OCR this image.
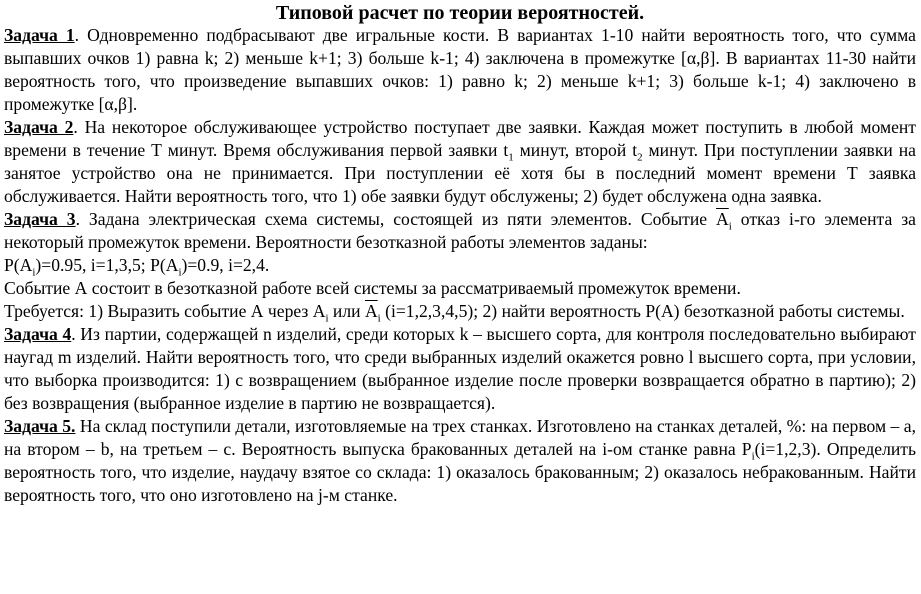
Типовой расчет по теории вероятностей.

Задача 1. Одновременно подбрасывают две игральные кости. В вариантах 1-10 найти вероятность того, что сумма выпавших очков 1) равна k; 2) меньше k+1; 3) больше k-1; 4) заключена в промежутке [α,β]. В вариантах 11-30 найти вероятность того, что произведение выпавших очков: 1) равно k; 2) меньше k+1; 3) больше k-1; 4) заключено в промежутке [α,β].

Задача 2. На некоторое обслуживающее устройство поступает две заявки. Каждая может поступить в любой момент времени в течение Т минут. Время обслуживания первой заявки $t_1$ минут, второй $t_2$ минут. При поступлении заявки на занятое устройство она не принимается. При поступлении её хотя бы в последний момент времени Т заявка обслуживается. Найти вероятность того, что 1) обе заявки будут обслужены; 2) будет обслужена одна заявка.

Задача 3. Задана электрическая схема системы, состоящей из пяти элементов. Событие $\overline{A}_i$ отказ i-го элемента за некоторый промежуток времени. Вероятности безотказной работы элементов заданы:

$P(A_i)=0.95$, i=1,3,5; $P(A_i)=0.9$, i=2,4.

Событие А состоит в безотказной работе всей системы за рассматриваемый промежуток времени.

Требуется: 1) Выразить событие А через $A_i$ или $\overline{A}_i$ (i=1,2,3,4,5); 2) найти вероятность P(A) безотказной работы системы.

Задача 4. Из партии, содержащей n изделий, среди которых k – высшего сорта, для контроля последовательно выбирают наугад m изделий. Найти вероятность того, что среди выбранных изделий окажется ровно l высшего сорта, при условии, что выборка производится: 1) с возвращением (выбранное изделие после проверки возвращается обратно в партию); 2) без возвращения (выбранное изделие в партию не возвращается).

Задача 5. На склад поступили детали, изготовляемые на трех станках. Изготовлено на станках деталей, %: на первом – a, на втором – b, на третьем – c. Вероятность выпуска бракованных деталей на i-ом станке равна $P_i(i=1,2,3)$. Определить вероятность того, что изделие, наудачу взятое со склада: 1) оказалось бракованным; 2) оказалось небракованным. Найти вероятность того, что оно изготовлено на j-м станке.
